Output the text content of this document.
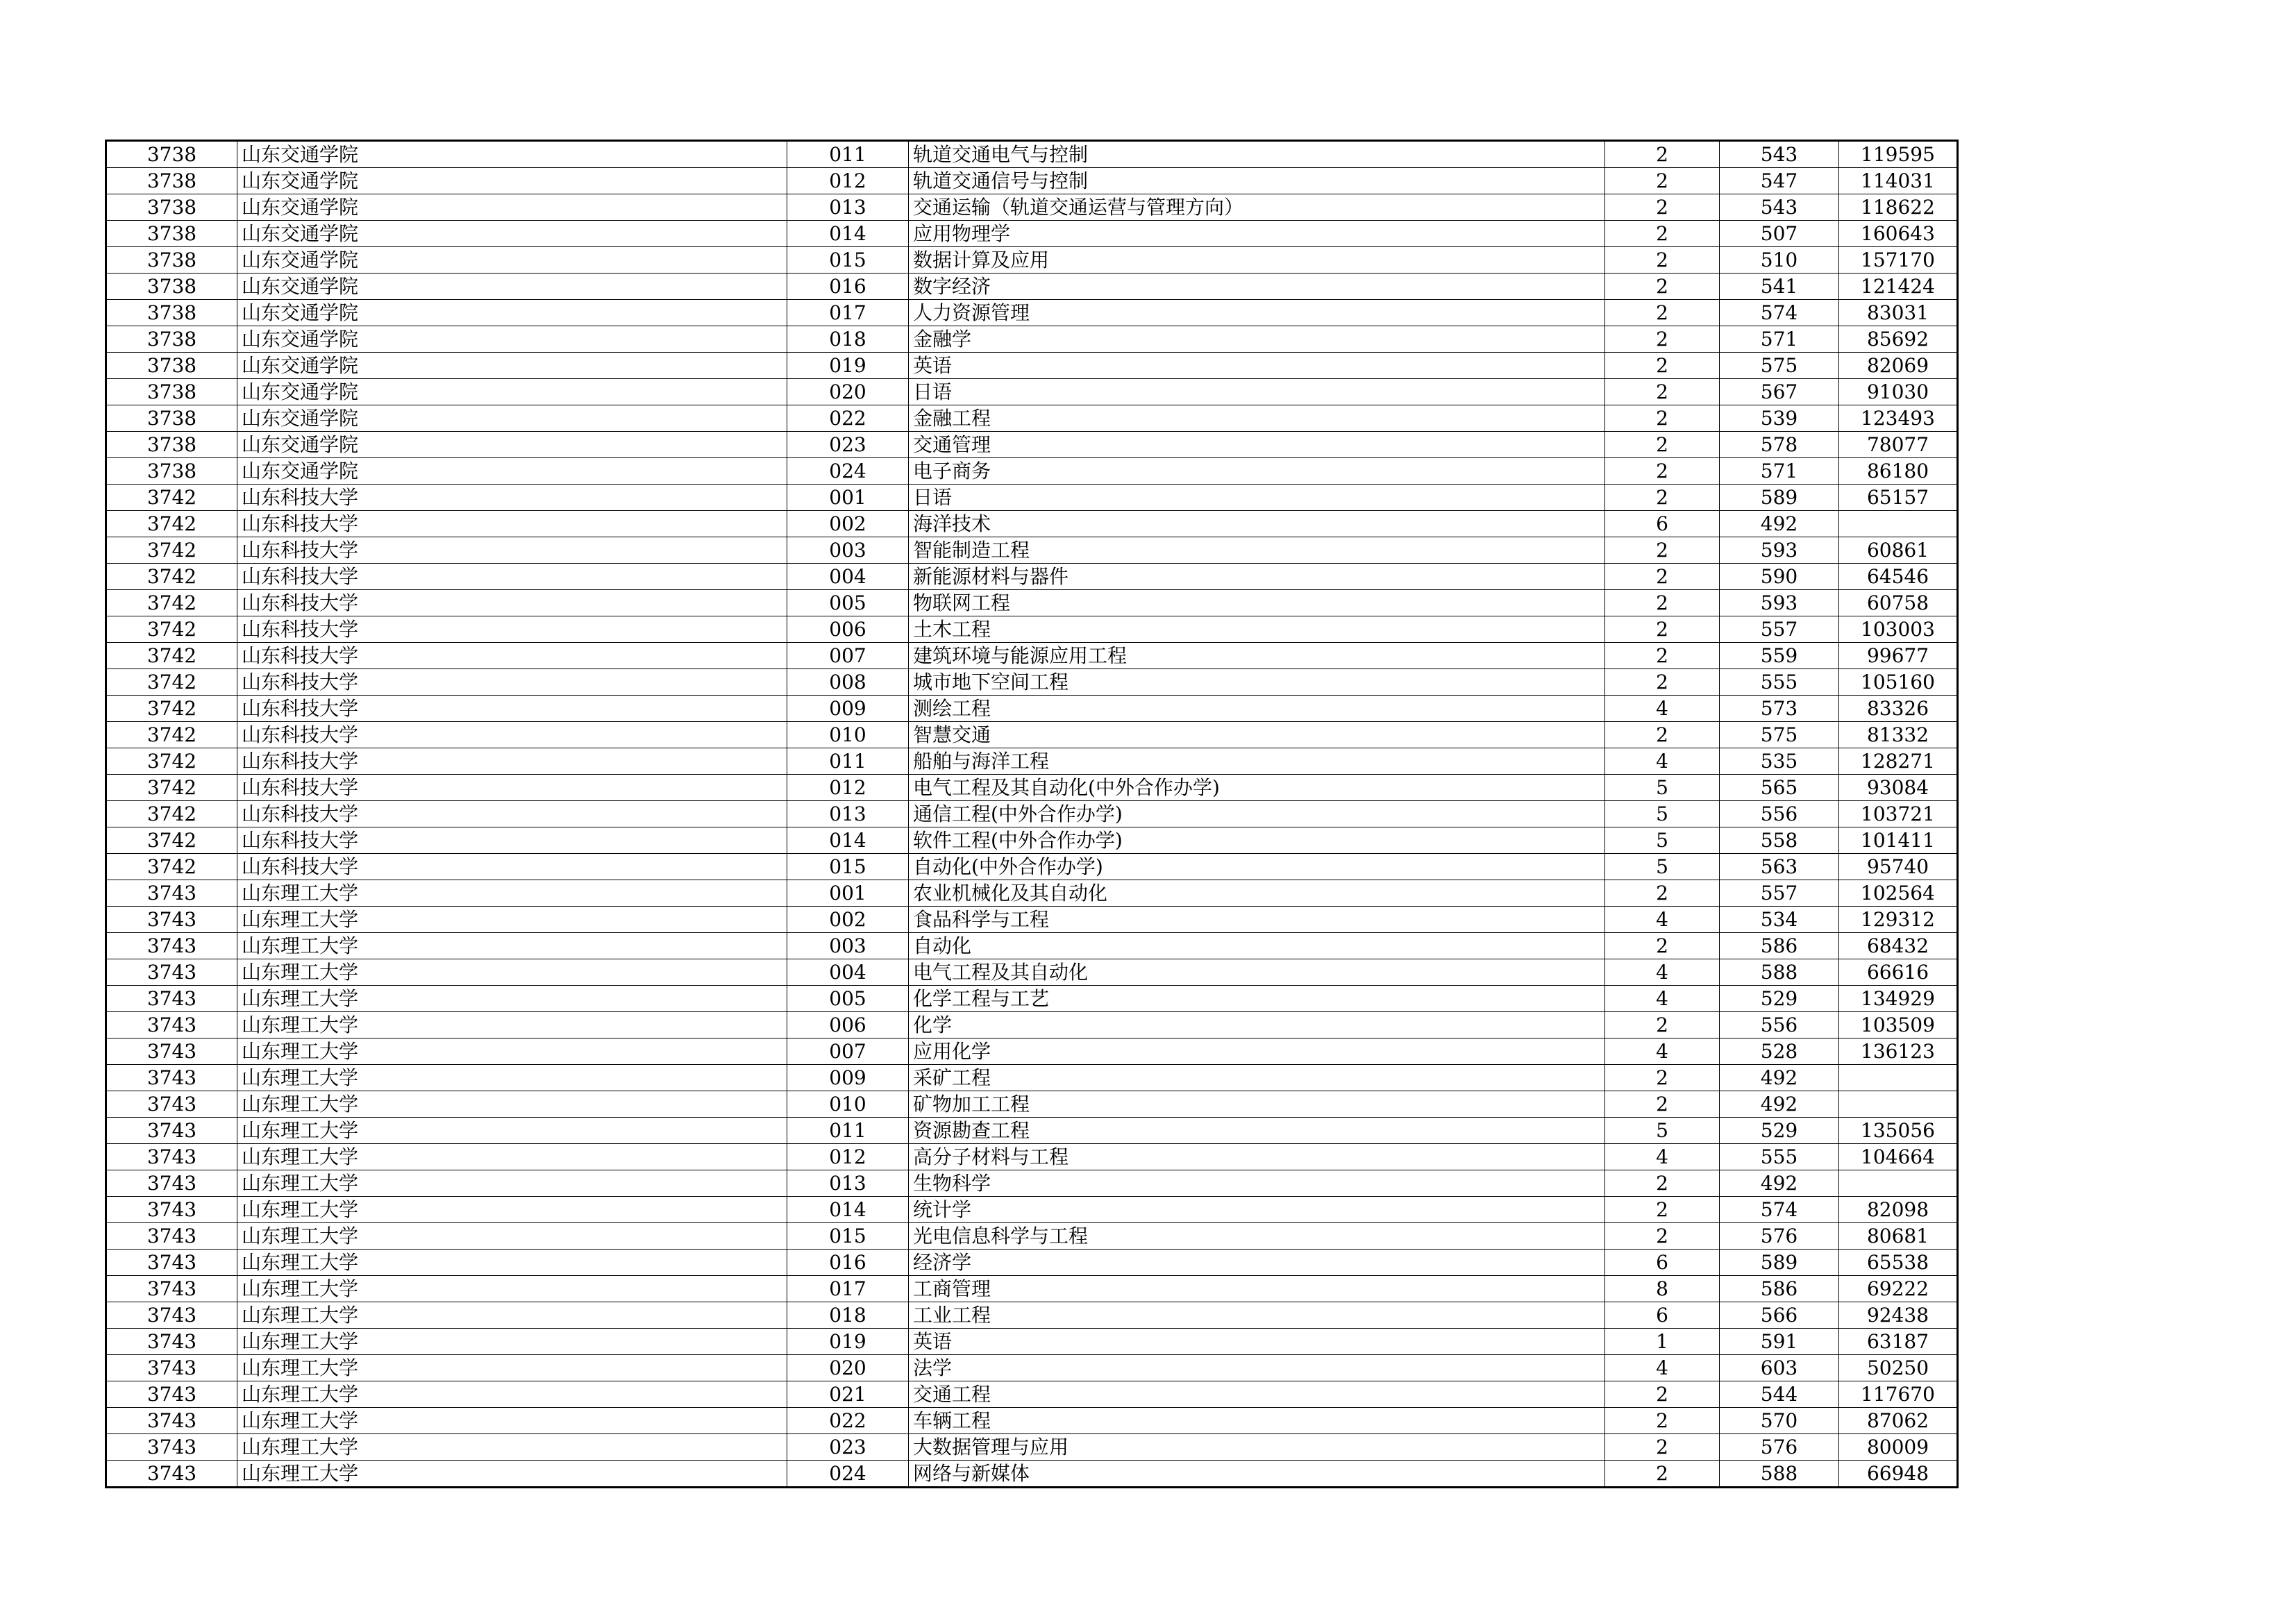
3738	山东交通学院	011	轨道交通电气与控制	2	543	119595
3738	山东交通学院	012	轨道交通信号与控制	2	547	114031
3738	山东交通学院	013	交通运输（轨道交通运营与管理方向）	2	543	118622
3738	山东交通学院	014	应用物理学	2	507	160643
3738	山东交通学院	015	数据计算及应用	2	510	157170
3738	山东交通学院	016	数字经济	2	541	121424
3738	山东交通学院	017	人力资源管理	2	574	83031
3738	山东交通学院	018	金融学	2	571	85692
3738	山东交通学院	019	英语	2	575	82069
3738	山东交通学院	020	日语	2	567	91030
3738	山东交通学院	022	金融工程	2	539	123493
3738	山东交通学院	023	交通管理	2	578	78077
3738	山东交通学院	024	电子商务	2	571	86180
3742	山东科技大学	001	日语	2	589	65157
3742	山东科技大学	002	海洋技术	6	492	
3742	山东科技大学	003	智能制造工程	2	593	60861
3742	山东科技大学	004	新能源材料与器件	2	590	64546
3742	山东科技大学	005	物联网工程	2	593	60758
3742	山东科技大学	006	土木工程	2	557	103003
3742	山东科技大学	007	建筑环境与能源应用工程	2	559	99677
3742	山东科技大学	008	城市地下空间工程	2	555	105160
3742	山东科技大学	009	测绘工程	4	573	83326
3742	山东科技大学	010	智慧交通	2	575	81332
3742	山东科技大学	011	船舶与海洋工程	4	535	128271
3742	山东科技大学	012	电气工程及其自动化(中外合作办学)	5	565	93084
3742	山东科技大学	013	通信工程(中外合作办学)	5	556	103721
3742	山东科技大学	014	软件工程(中外合作办学)	5	558	101411
3742	山东科技大学	015	自动化(中外合作办学)	5	563	95740
3743	山东理工大学	001	农业机械化及其自动化	2	557	102564
3743	山东理工大学	002	食品科学与工程	4	534	129312
3743	山东理工大学	003	自动化	2	586	68432
3743	山东理工大学	004	电气工程及其自动化	4	588	66616
3743	山东理工大学	005	化学工程与工艺	4	529	134929
3743	山东理工大学	006	化学	2	556	103509
3743	山东理工大学	007	应用化学	4	528	136123
3743	山东理工大学	009	采矿工程	2	492	
3743	山东理工大学	010	矿物加工工程	2	492	
3743	山东理工大学	011	资源勘查工程	5	529	135056
3743	山东理工大学	012	高分子材料与工程	4	555	104664
3743	山东理工大学	013	生物科学	2	492	
3743	山东理工大学	014	统计学	2	574	82098
3743	山东理工大学	015	光电信息科学与工程	2	576	80681
3743	山东理工大学	016	经济学	6	589	65538
3743	山东理工大学	017	工商管理	8	586	69222
3743	山东理工大学	018	工业工程	6	566	92438
3743	山东理工大学	019	英语	1	591	63187
3743	山东理工大学	020	法学	4	603	50250
3743	山东理工大学	021	交通工程	2	544	117670
3743	山东理工大学	022	车辆工程	2	570	87062
3743	山东理工大学	023	大数据管理与应用	2	576	80009
3743	山东理工大学	024	网络与新媒体	2	588	66948
